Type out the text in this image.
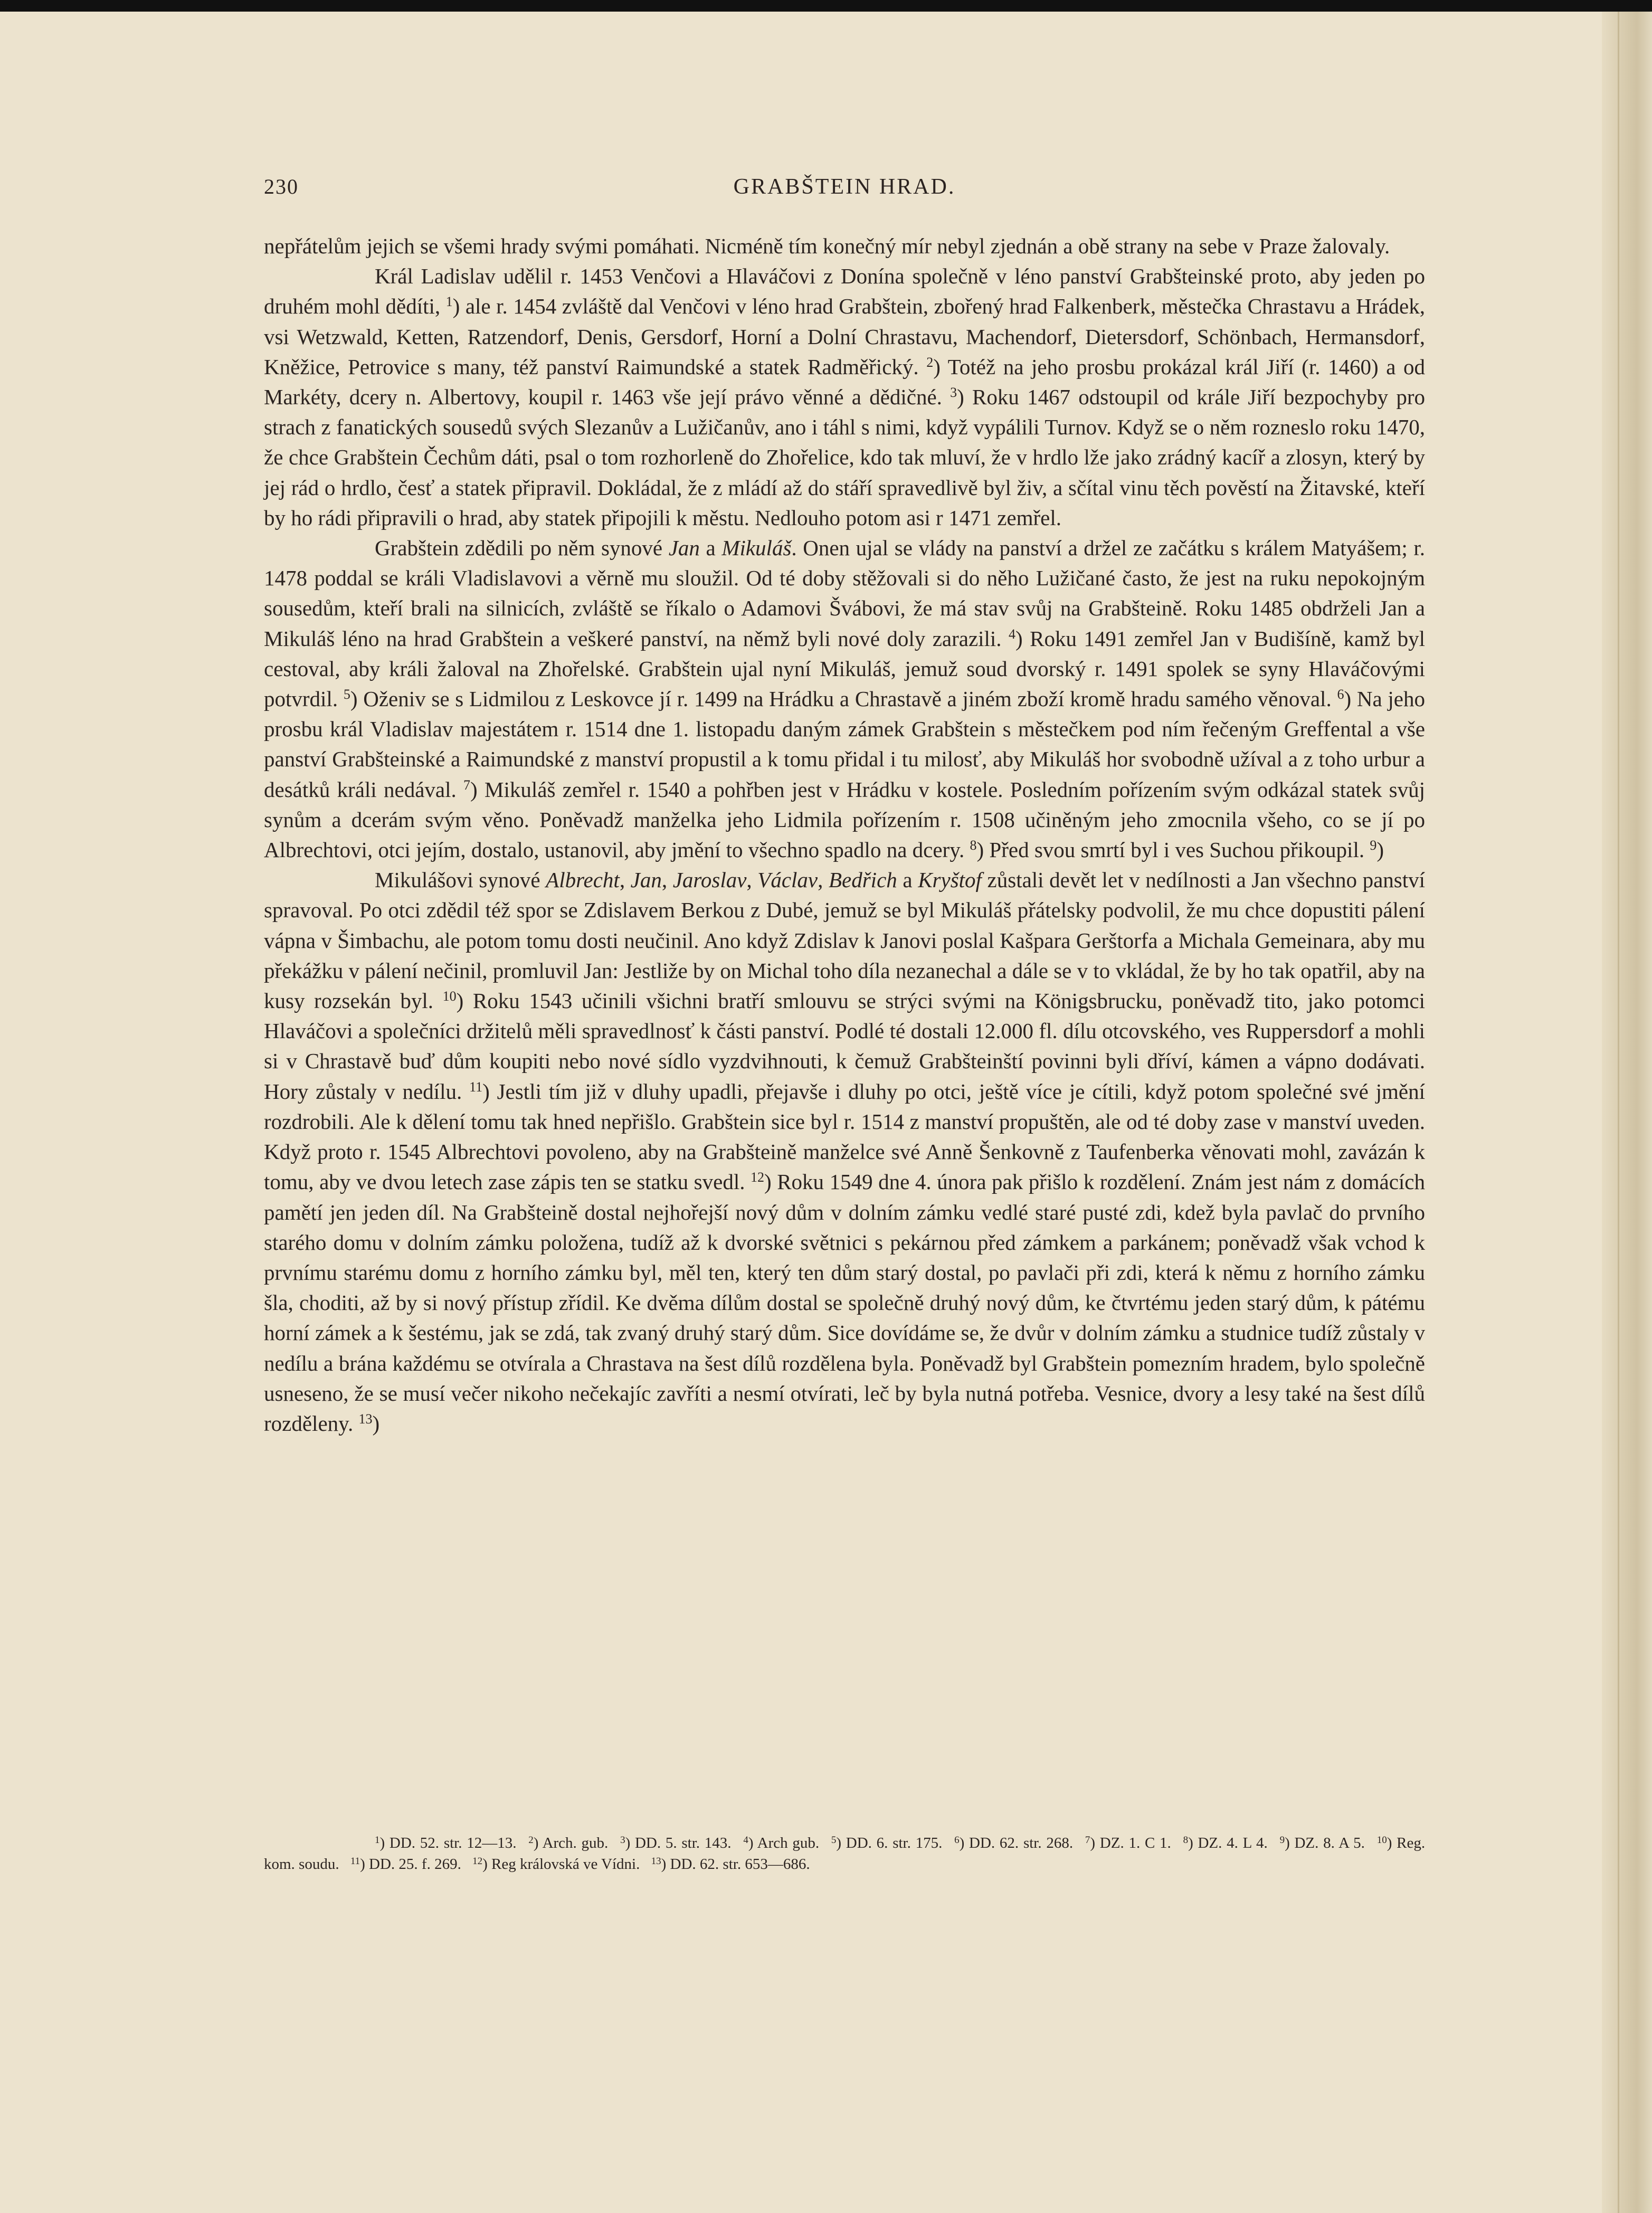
230	GRABŠTEIN HRAD.

nepřátelům jejich se všemi hrady svými pomáhati. Nicméně tím konečný mír nebyl zjednán a obě strany na sebe v Praze žalovaly.

Král Ladislav udělil r. 1453 Venčovi a Hlaváčovi z Donína společně v léno panství Grabšteinské proto, aby jeden po druhém mohl dědíti, $^1$) ale r. 1454 zvláště dal Venčovi v léno hrad Grabštein, zbořený hrad Falkenberk, městečka Chrastavu a Hrádek, vsi Wetzwald, Ketten, Ratzendorf, Denis, Gersdorf, Horní a Dolní Chrastavu, Machendorf, Dietersdorf, Schönbach, Hermansdorf, Kněžice, Petrovice s many, též panství Raimundské a statek Radměřický. $^2$) Totéž na jeho prosbu prokázal král Jiří (r. 1460) a od Markéty, dcery n. Albertovy, koupil r. 1463 vše její právo věnné a dědičné. $^3$) Roku 1467 odstoupil od krále Jiří bezpochyby pro strach z fanatických sousedů svých Slezanův a Lužičanův, ano i táhl s nimi, když vypálili Turnov. Když se o něm rozneslo roku 1470, že chce Grabštein Čechům dáti, psal o tom rozhorleně do Zhořelice, kdo tak mluví, že v hrdlo lže jako zrádný kacíř a zlosyn, který by jej rád o hrdlo, česť a statek připravil. Dokládal, že z mládí až do stáří spravedlivě byl živ, a sčítal vinu těch pověstí na Žitavské, kteří by ho rádi připravili o hrad, aby statek připojili k městu. Nedlouho potom asi r 1471 zemřel.

Grabštein zdědili po něm synové Jan a Mikuláš. Onen ujal se vlády na panství a držel ze začátku s králem Matyášem; r. 1478 poddal se králi Vladislavovi a věrně mu sloužil. Od té doby stěžovali si do něho Lužičané často, že jest na ruku nepokojným sousedům, kteří brali na silnicích, zvláště se říkalo o Adamovi Švábovi, že má stav svůj na Grabšteině. Roku 1485 obdrželi Jan a Mikuláš léno na hrad Grabštein a veškeré panství, na němž byli nové doly zarazili. $^4$) Roku 1491 zemřel Jan v Budišíně, kamž byl cestoval, aby králi žaloval na Zhořelské. Grabštein ujal nyní Mikuláš, jemuž soud dvorský r. 1491 spolek se syny Hlaváčovými potvrdil. $^5$) Oženiv se s Lidmilou z Leskovce jí r. 1499 na Hrádku a Chrastavě a jiném zboží kromě hradu samého věnoval. $^6$) Na jeho prosbu král Vladislav majestátem r. 1514 dne 1. listopadu daným zámek Grabštein s městečkem pod ním řečeným Greffental a vše panství Grabšteinské a Raimundské z manství propustil a k tomu přidal i tu milosť, aby Mikuláš hor svobodně užíval a z toho urbur a desátků králi nedával. $^7$) Mikuláš zemřel r. 1540 a pohřben jest v Hrádku v kostele. Posledním pořízením svým odkázal statek svůj synům a dcerám svým věno. Poněvadž manželka jeho Lidmila pořízením r. 1508 učiněným jeho zmocnila všeho, co se jí po Albrechtovi, otci jejím, dostalo, ustanovil, aby jmění to všechno spadlo na dcery. $^8$) Před svou smrtí byl i ves Suchou přikoupil. $^9$)

Mikulášovi synové Albrecht, Jan, Jaroslav, Václav, Bedřich a Kryštof zůstali devět let v nedílnosti a Jan všechno panství spravoval. Po otci zdědil též spor se Zdislavem Berkou z Dubé, jemuž se byl Mikuláš přátelsky podvolil, že mu chce dopustiti pálení vápna v Šimbachu, ale potom tomu dosti neučinil. Ano když Zdislav k Janovi poslal Kašpara Gerštorfa a Michala Gemeinara, aby mu překážku v pálení nečinil, promluvil Jan: Jestliže by on Michal toho díla nezanechal a dále se v to vkládal, že by ho tak opatřil, aby na kusy rozsekán byl. $^{10}$) Roku 1543 učinili všichni bratří smlouvu se strýci svými na Königsbrucku, poněvadž tito, jako potomci Hlaváčovi a společníci držitelů měli spravedlnosť k části panství. Podlé té dostali 12.000 fl. dílu otcovského, ves Ruppersdorf a mohli si v Chrastavě buď dům koupiti nebo nové sídlo vyzdvihnouti, k čemuž Grabšteinští povinni byli dříví, kámen a vápno dodávati. Hory zůstaly v nedílu. $^{11}$) Jestli tím již v dluhy upadli, přejavše i dluhy po otci, ještě více je cítili, když potom společné své jmění rozdrobili. Ale k dělení tomu tak hned nepřišlo. Grabštein sice byl r. 1514 z manství propuštěn, ale od té doby zase v manství uveden. Když proto r. 1545 Albrechtovi povoleno, aby na Grabšteině manželce své Anně Šenkovně z Taufenberka věnovati mohl, zavázán k tomu, aby ve dvou letech zase zápis ten se statku svedl. $^{12}$) Roku 1549 dne 4. února pak přišlo k rozdělení. Znám jest nám z domácích pamětí jen jeden díl. Na Grabšteině dostal nejhořejší nový dům v dolním zámku vedlé staré pusté zdi, kdež byla pavlač do prvního starého domu v dolním zámku položena, tudíž až k dvorské světnici s pekárnou před zámkem a parkánem; poněvadž však vchod k prvnímu starému domu z horního zámku byl, měl ten, který ten dům starý dostal, po pavlači při zdi, která k němu z horního zámku šla, choditi, až by si nový přístup zřídil. Ke dvěma dílům dostal se společně druhý nový dům, ke čtvrtému jeden starý dům, k pátému horní zámek a k šestému, jak se zdá, tak zvaný druhý starý dům. Sice dovídáme se, že dvůr v dolním zámku a studnice tudíž zůstaly v nedílu a brána každému se otvírala a Chrastava na šest dílů rozdělena byla. Poněvadž byl Grabštein pomezním hradem, bylo společně usneseno, že se musí večer nikoho nečekajíc zavříti a nesmí otvírati, leč by byla nutná potřeba. Vesnice, dvory a lesy také na šest dílů rozděleny. $^{13}$)

$^1$) DD. 52. str. 12—13. $^2$) Arch. gub. $^3$) DD. 5. str. 143. $^4$) Arch gub. $^5$) DD. 6. str. 175. $^6$) DD. 62. str. 268. $^7$) DZ. 1. C 1. $^8$) DZ. 4. L 4. $^9$) DZ. 8. A 5. $^{10}$) Reg. kom. soudu. $^{11}$) DD. 25. f. 269. $^{12}$) Reg královská ve Vídni. $^{13}$) DD. 62. str. 653—686.
